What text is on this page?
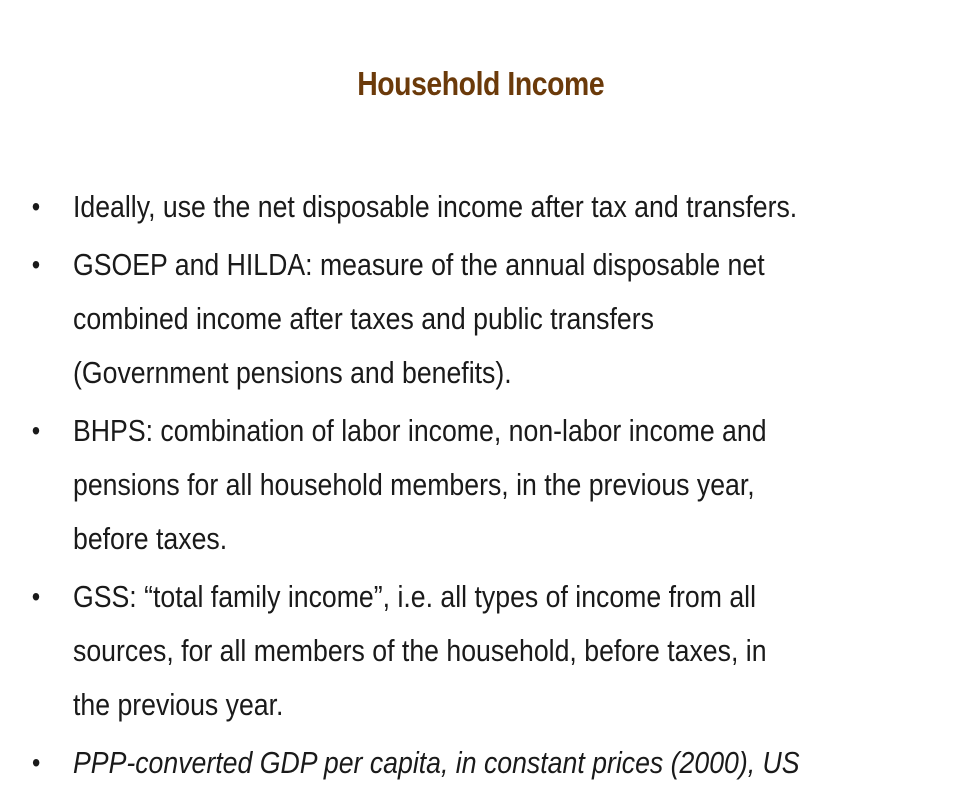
Household Income
• Ideally, use the net disposable income after tax and transfers.
• GSOEP and HILDA: measure of the annual disposable net
combined income after taxes and public transfers
(Government pensions and benefits).
• BHPS: combination of labor income, non-labor income and
pensions for all household members, in the previous year,
before taxes.
• GSS: “total family income”, i.e. all types of income from all
sources, for all members of the household, before taxes, in
the previous year.
• PPP-converted GDP per capita, in constant prices (2000), US
